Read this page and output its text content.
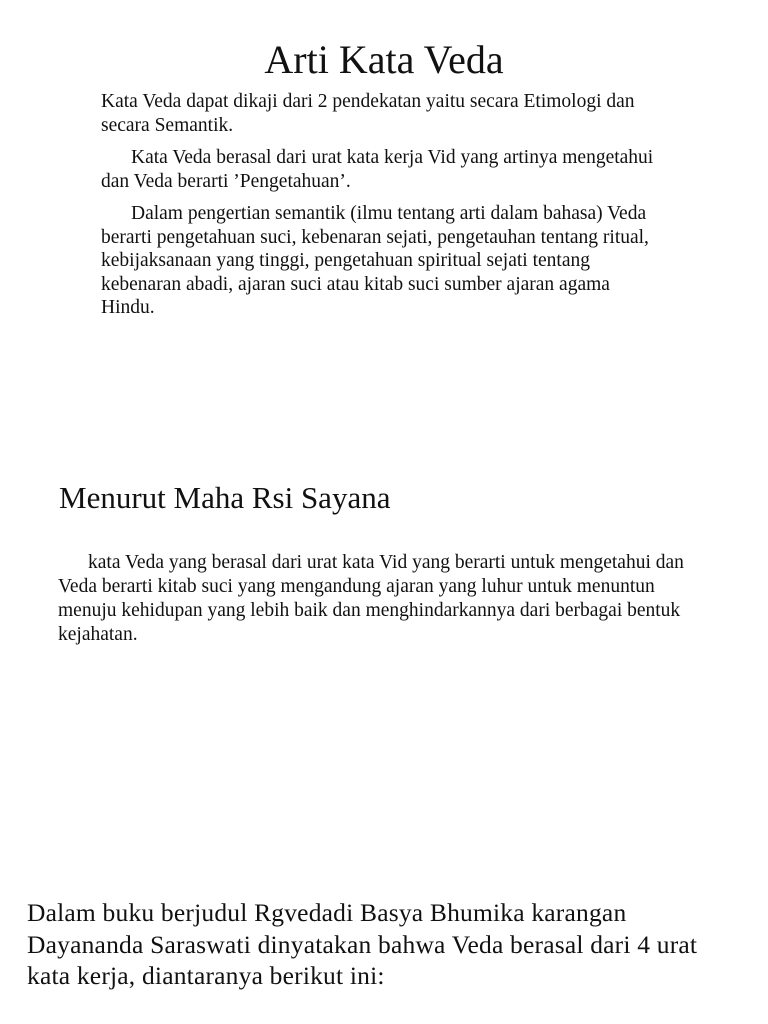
Arti Kata Veda

Kata Veda dapat dikaji dari 2 pendekatan yaitu secara Etimologi dan secara Semantik.

Kata Veda berasal dari urat kata kerja Vid yang artinya mengetahui dan Veda berarti ’Pengetahuan’.

Dalam pengertian semantik (ilmu tentang arti dalam bahasa) Veda berarti pengetahuan suci, kebenaran sejati, pengetauhan tentang ritual, kebijaksanaan yang tinggi, pengetahuan spiritual sejati tentang kebenaran abadi, ajaran suci atau kitab suci sumber ajaran agama Hindu.

Menurut Maha Rsi Sayana

kata Veda yang berasal dari urat kata Vid yang berarti untuk mengetahui dan Veda berarti kitab suci yang mengandung ajaran yang luhur untuk menuntun menuju kehidupan yang lebih baik dan menghindarkannya dari berbagai bentuk kejahatan.

Dalam buku berjudul Rgvedadi Basya Bhumika karangan Dayananda Saraswati dinyatakan bahwa Veda berasal dari 4 urat kata kerja, diantaranya berikut ini:
